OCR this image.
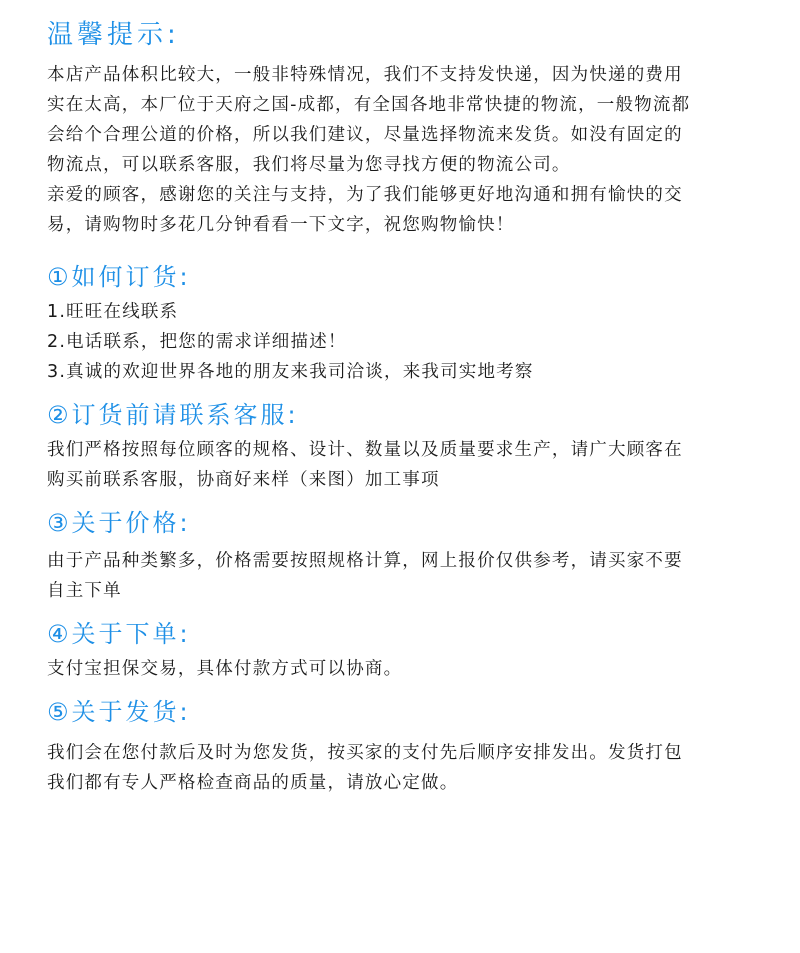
温馨提示:

本店产品体积比较大，一般非特殊情况，我们不支持发快递，因为快递的费用

实在太高，本厂位于天府之国-成都，有全国各地非常快捷的物流，一般物流都

会给个合理公道的价格，所以我们建议，尽量选择物流来发货。如没有固定的

物流点，可以联系客服，我们将尽量为您寻找方便的物流公司。

亲爱的顾客，感谢您的关注与支持，为了我们能够更好地沟通和拥有愉快的交

易，请购物时多花几分钟看看一下文字，祝您购物愉快！

①如何订货:

1.旺旺在线联系

2.电话联系，把您的需求详细描述！

3.真诚的欢迎世界各地的朋友来我司洽谈，来我司实地考察

②订货前请联系客服:

我们严格按照每位顾客的规格、设计、数量以及质量要求生产，请广大顾客在

购买前联系客服，协商好来样（来图）加工事项

③关于价格:

由于产品种类繁多，价格需要按照规格计算，网上报价仅供参考，请买家不要

自主下单

④关于下单:

支付宝担保交易，具体付款方式可以协商。

⑤关于发货:

我们会在您付款后及时为您发货，按买家的支付先后顺序安排发出。发货打包

我们都有专人严格检查商品的质量，请放心定做。
